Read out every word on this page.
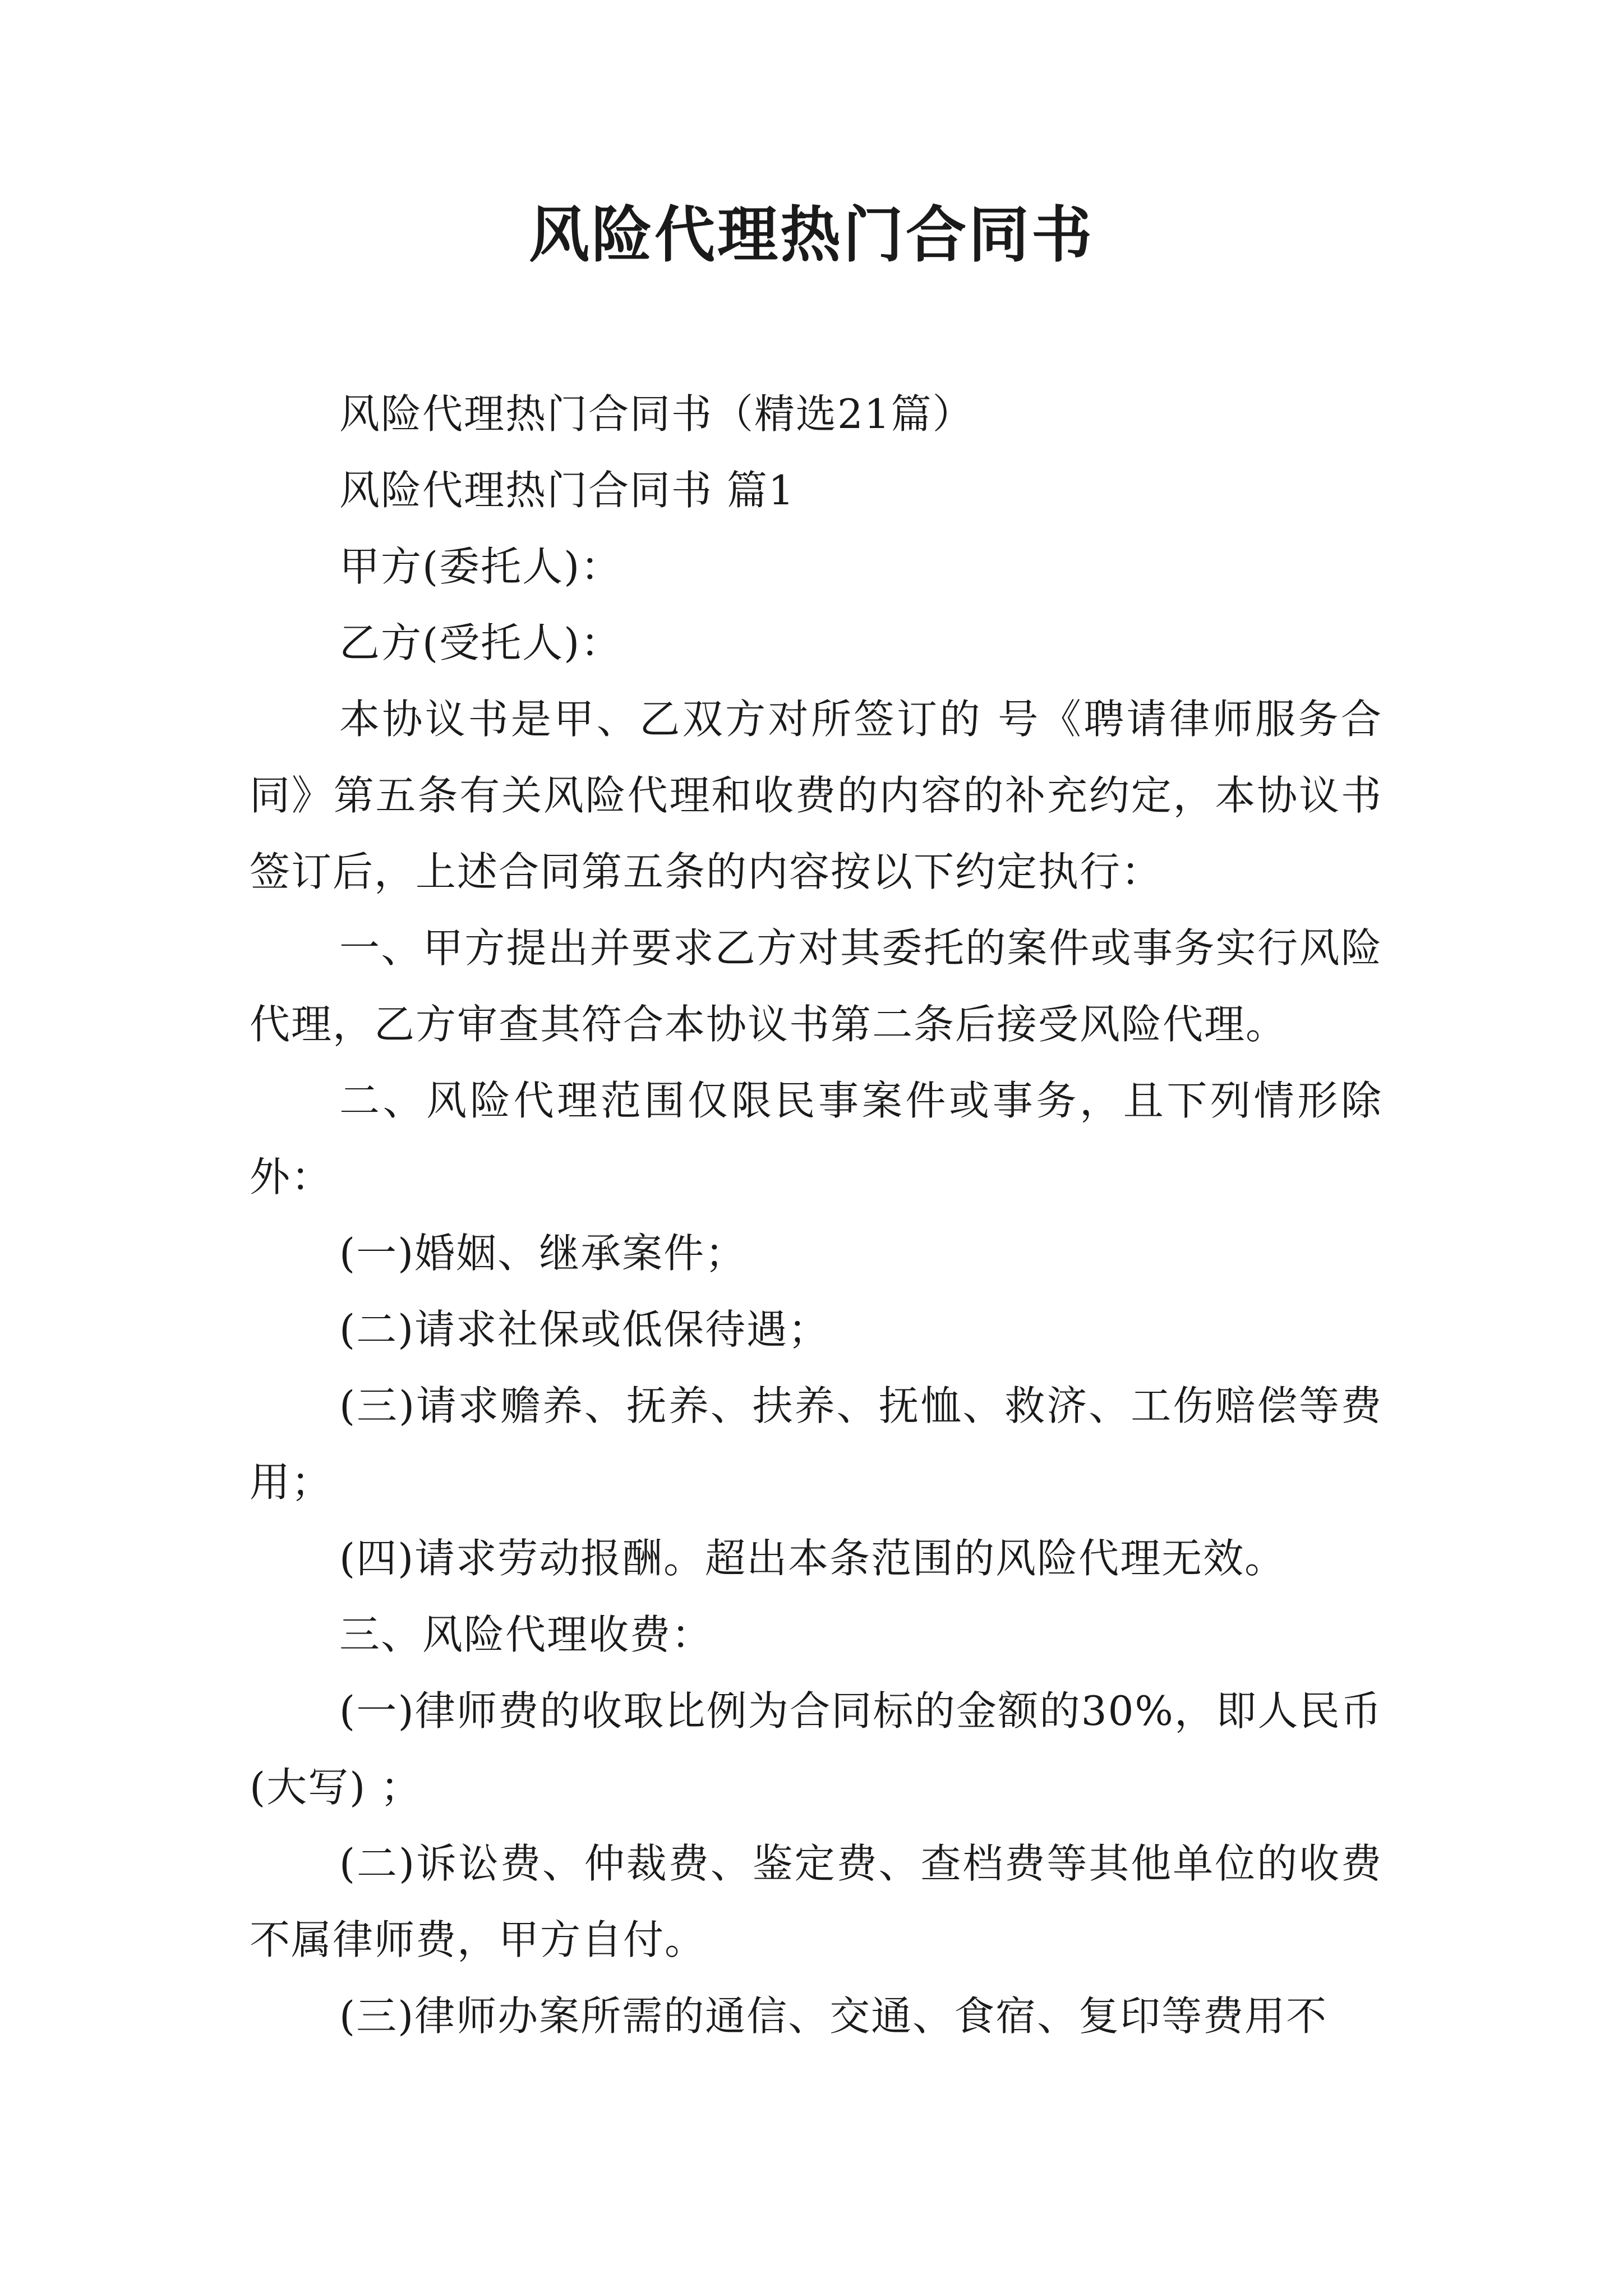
风险代理热门合同书

风险代理热门合同书（精选21篇）

风险代理热门合同书 篇1

甲方(委托人)：

乙方(受托人)：

本协议书是甲、乙双方对所签订的 号《聘请律师服务合同》第五条有关风险代理和收费的内容的补充约定，本协议书签订后，上述合同第五条的内容按以下约定执行：

一、甲方提出并要求乙方对其委托的案件或事务实行风险代理，乙方审查其符合本协议书第二条后接受风险代理。

二、风险代理范围仅限民事案件或事务，且下列情形除外：

(一)婚姻、继承案件；

(二)请求社保或低保待遇；

(三)请求赡养、抚养、扶养、抚恤、救济、工伤赔偿等费用；

(四)请求劳动报酬。超出本条范围的风险代理无效。

三、风险代理收费：

(一)律师费的收取比例为合同标的金额的30%，即人民币(大写) ；

(二)诉讼费、仲裁费、鉴定费、查档费等其他单位的收费不属律师费，甲方自付。

(三)律师办案所需的通信、交通、食宿、复印等费用不
